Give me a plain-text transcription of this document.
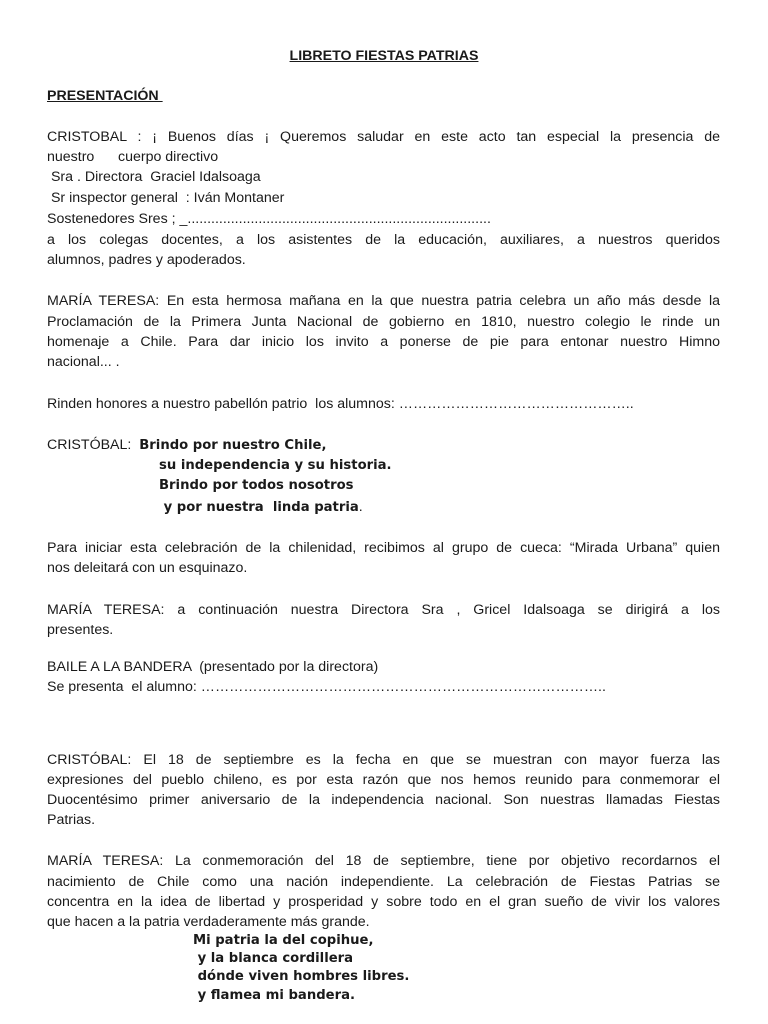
LIBRETO FIESTAS PATRIAS
PRESENTACIÓN
CRISTOBAL : ¡ Buenos días ¡ Queremos saludar en este acto tan especial la presencia de
nuestro      cuerpo directivo
Sra . Directora  Graciel Idalsoaga
Sr inspector general  : Iván Montaner
Sostenedores Sres ; _.............................................................................
a los colegas docentes, a los asistentes de la educación, auxiliares, a nuestros queridos
alumnos, padres y apoderados.
MARÍA TERESA: En esta hermosa mañana en la que nuestra patria celebra un año más desde la
Proclamación de la Primera Junta Nacional de gobierno en 1810, nuestro colegio le rinde un
homenaje a Chile. Para dar inicio los invito a ponerse de pie para entonar nuestro Himno
nacional... .
Rinden honores a nuestro pabellón patrio  los alumnos: …………………………………………..
CRISTÓBAL:  Brindo por nuestro Chile,
su independencia y su historia.
Brindo por todos nosotros
y por nuestra  linda patria.
Para iniciar esta celebración de la chilenidad, recibimos al grupo de cueca: “Mirada Urbana” quien
nos deleitará con un esquinazo.
MARÍA TERESA: a continuación nuestra Directora Sra , Gricel Idalsoaga se dirigirá a los
presentes.
BAILE A LA BANDERA  (presentado por la directora)
Se presenta  el alumno: …………………………………………………………………………..
CRISTÓBAL: El 18 de septiembre es la fecha en que se muestran con mayor fuerza las
expresiones del pueblo chileno, es por esta razón que nos hemos reunido para conmemorar el
Duocentésimo primer aniversario de la independencia nacional. Son nuestras llamadas Fiestas
Patrias.
MARÍA TERESA: La conmemoración del 18 de septiembre, tiene por objetivo recordarnos el
nacimiento de Chile como una nación independiente. La celebración de Fiestas Patrias se
concentra en la idea de libertad y prosperidad y sobre todo en el gran sueño de vivir los valores
que hacen a la patria verdaderamente más grande.
Mi patria la del copihue,
y la blanca cordillera
dónde viven hombres libres.
y flamea mi bandera.
